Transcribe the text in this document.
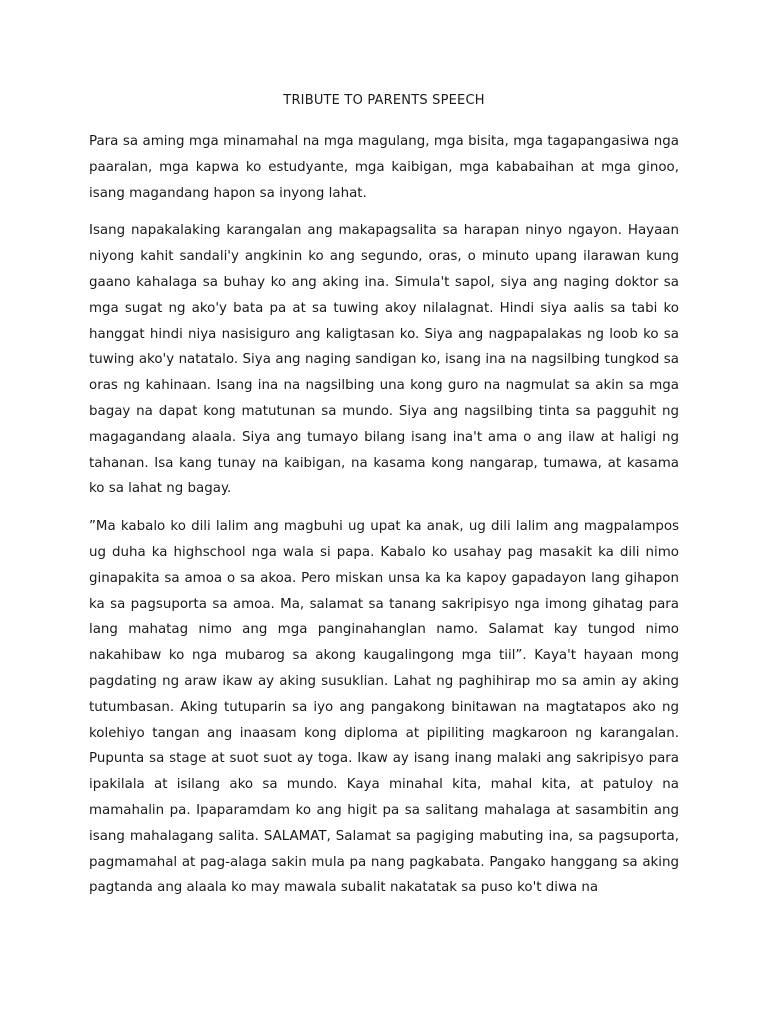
TRIBUTE TO PARENTS SPEECH

Para sa aming mga minamahal na mga magulang, mga bisita, mga tagapangasiwa nga paaralan, mga kapwa ko estudyante, mga kaibigan, mga kababaihan at mga ginoo, isang magandang hapon sa inyong lahat.

Isang napakalaking karangalan ang makapagsalita sa harapan ninyo ngayon. Hayaan niyong kahit sandali'y angkinin ko ang segundo, oras, o minuto upang ilarawan kung gaano kahalaga sa buhay ko ang aking ina. Simula't sapol, siya ang naging doktor sa mga sugat ng ako'y bata pa at sa tuwing akoy nilalagnat. Hindi siya aalis sa tabi ko hanggat hindi niya nasisiguro ang kaligtasan ko. Siya ang nagpapalakas ng loob ko sa tuwing ako'y natatalo. Siya ang naging sandigan ko, isang ina na nagsilbing tungkod sa oras ng kahinaan. Isang ina na nagsilbing una kong guro na nagmulat sa akin sa mga bagay na dapat kong matutunan sa mundo. Siya ang nagsilbing tinta sa pagguhit ng magagandang alaala. Siya ang tumayo bilang isang ina't ama o ang ilaw at haligi ng tahanan. Isa kang tunay na kaibigan, na kasama kong nangarap, tumawa, at kasama ko sa lahat ng bagay.

”Ma kabalo ko dili lalim ang magbuhi ug upat ka anak, ug dili lalim ang magpalampos ug duha ka highschool nga wala si papa. Kabalo ko usahay pag masakit ka dili nimo ginapakita sa amoa o sa akoa. Pero miskan unsa ka ka kapoy gapadayon lang gihapon ka sa pagsuporta sa amoa. Ma, salamat sa tanang sakripisyo nga imong gihatag para lang mahatag nimo ang mga panginahanglan namo. Salamat kay tungod nimo nakahibaw ko nga mubarog sa akong kaugalingong mga tiil”. Kaya't hayaan mong pagdating ng araw ikaw ay aking susuklian. Lahat ng paghihirap mo sa amin ay aking tutumbasan. Aking tutuparin sa iyo ang pangakong binitawan na magtatapos ako ng kolehiyo tangan ang inaasam kong diploma at pipiliting magkaroon ng karangalan. Pupunta sa stage at suot suot ay toga. Ikaw ay isang inang malaki ang sakripisyo para ipakilala at isilang ako sa mundo. Kaya minahal kita, mahal kita, at patuloy na mamahalin pa. Ipaparamdam ko ang higit pa sa salitang mahalaga at sasambitin ang isang mahalagang salita. SALAMAT, Salamat sa pagiging mabuting ina, sa pagsuporta, pagmamahal at pag-alaga sakin mula pa nang pagkabata. Pangako hanggang sa aking pagtanda ang alaala ko may mawala subalit nakatatak sa puso ko't diwa na
